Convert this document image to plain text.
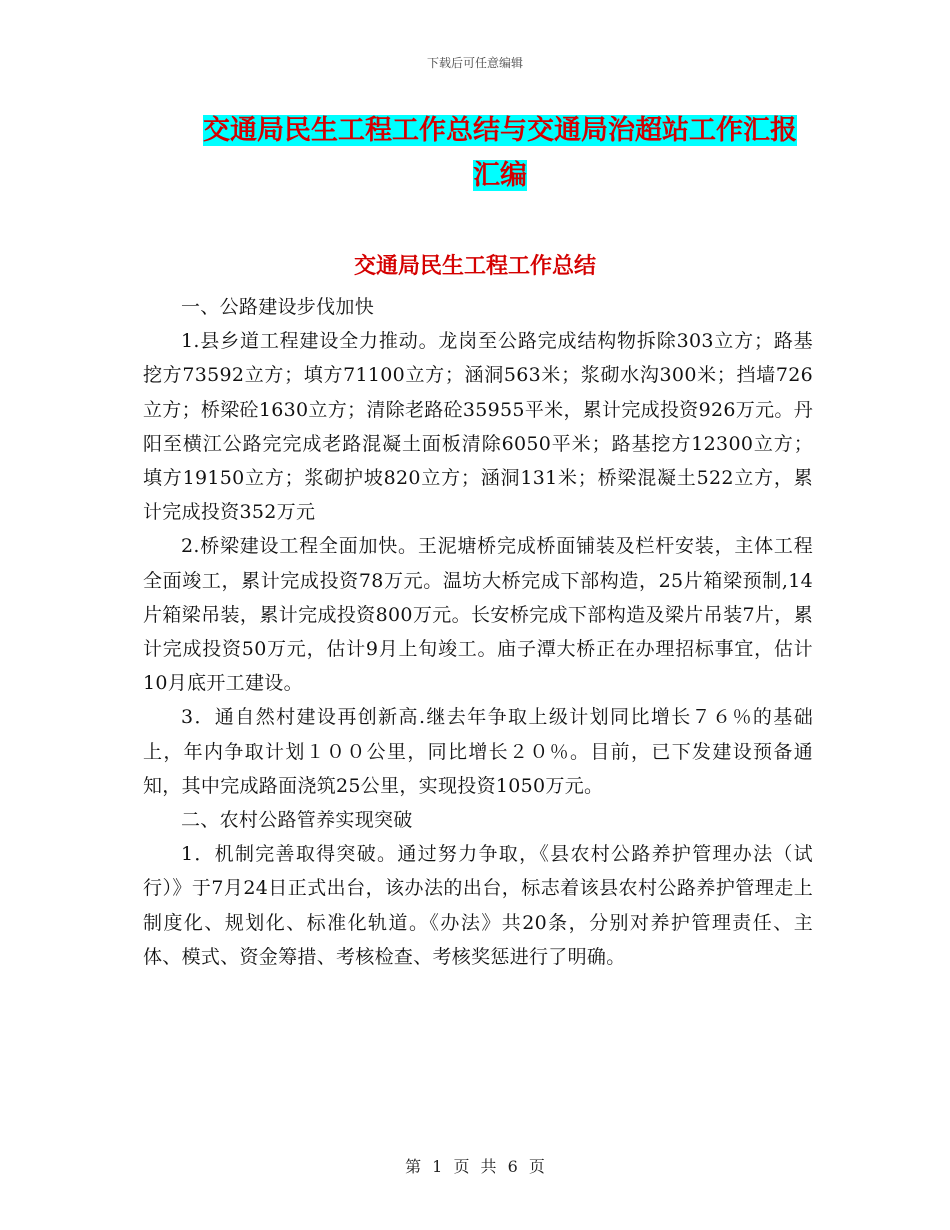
下载后可任意编辑
交通局民生工程工作总结与交通局治超站工作汇报汇编
交通局民生工程工作总结

一、公路建设步伐加快

1.县乡道工程建设全力推动。龙岗至公路完成结构物拆除303立方；路基挖方73592立方；填方71100立方；涵洞563米；浆砌水沟300米；挡墙726立方；桥梁砼1630立方；清除老路砼35955平米，累计完成投资926万元。丹阳至横江公路完完成老路混凝土面板清除6050平米；路基挖方12300立方；填方19150立方；浆砌护坡820立方；涵洞131米；桥梁混凝土522立方，累计完成投资352万元

2.桥梁建设工程全面加快。王泥塘桥完成桥面铺装及栏杆安装，主体工程全面竣工，累计完成投资78万元。温坊大桥完成下部构造，25片箱梁预制,14片箱梁吊装，累计完成投资800万元。长安桥完成下部构造及梁片吊装7片，累计完成投资50万元，估计9月上旬竣工。庙子潭大桥正在办理招标事宜，估计10月底开工建设。

3．通自然村建设再创新高.继去年争取上级计划同比增长７６％的基础上，年内争取计划１００公里，同比增长２０％。目前，已下发建设预备通知，其中完成路面浇筑25公里，实现投资1050万元。

二、农村公路管养实现突破

1．机制完善取得突破。通过努力争取，《县农村公路养护管理办法（试行）》于7月24日正式出台，该办法的出台，标志着该县农村公路养护管理走上制度化、规划化、标准化轨道。《办法》共20条，分别对养护管理责任、主体、模式、资金筹措、考核检查、考核奖惩进行了明确。

第 1 页 共 6 页
